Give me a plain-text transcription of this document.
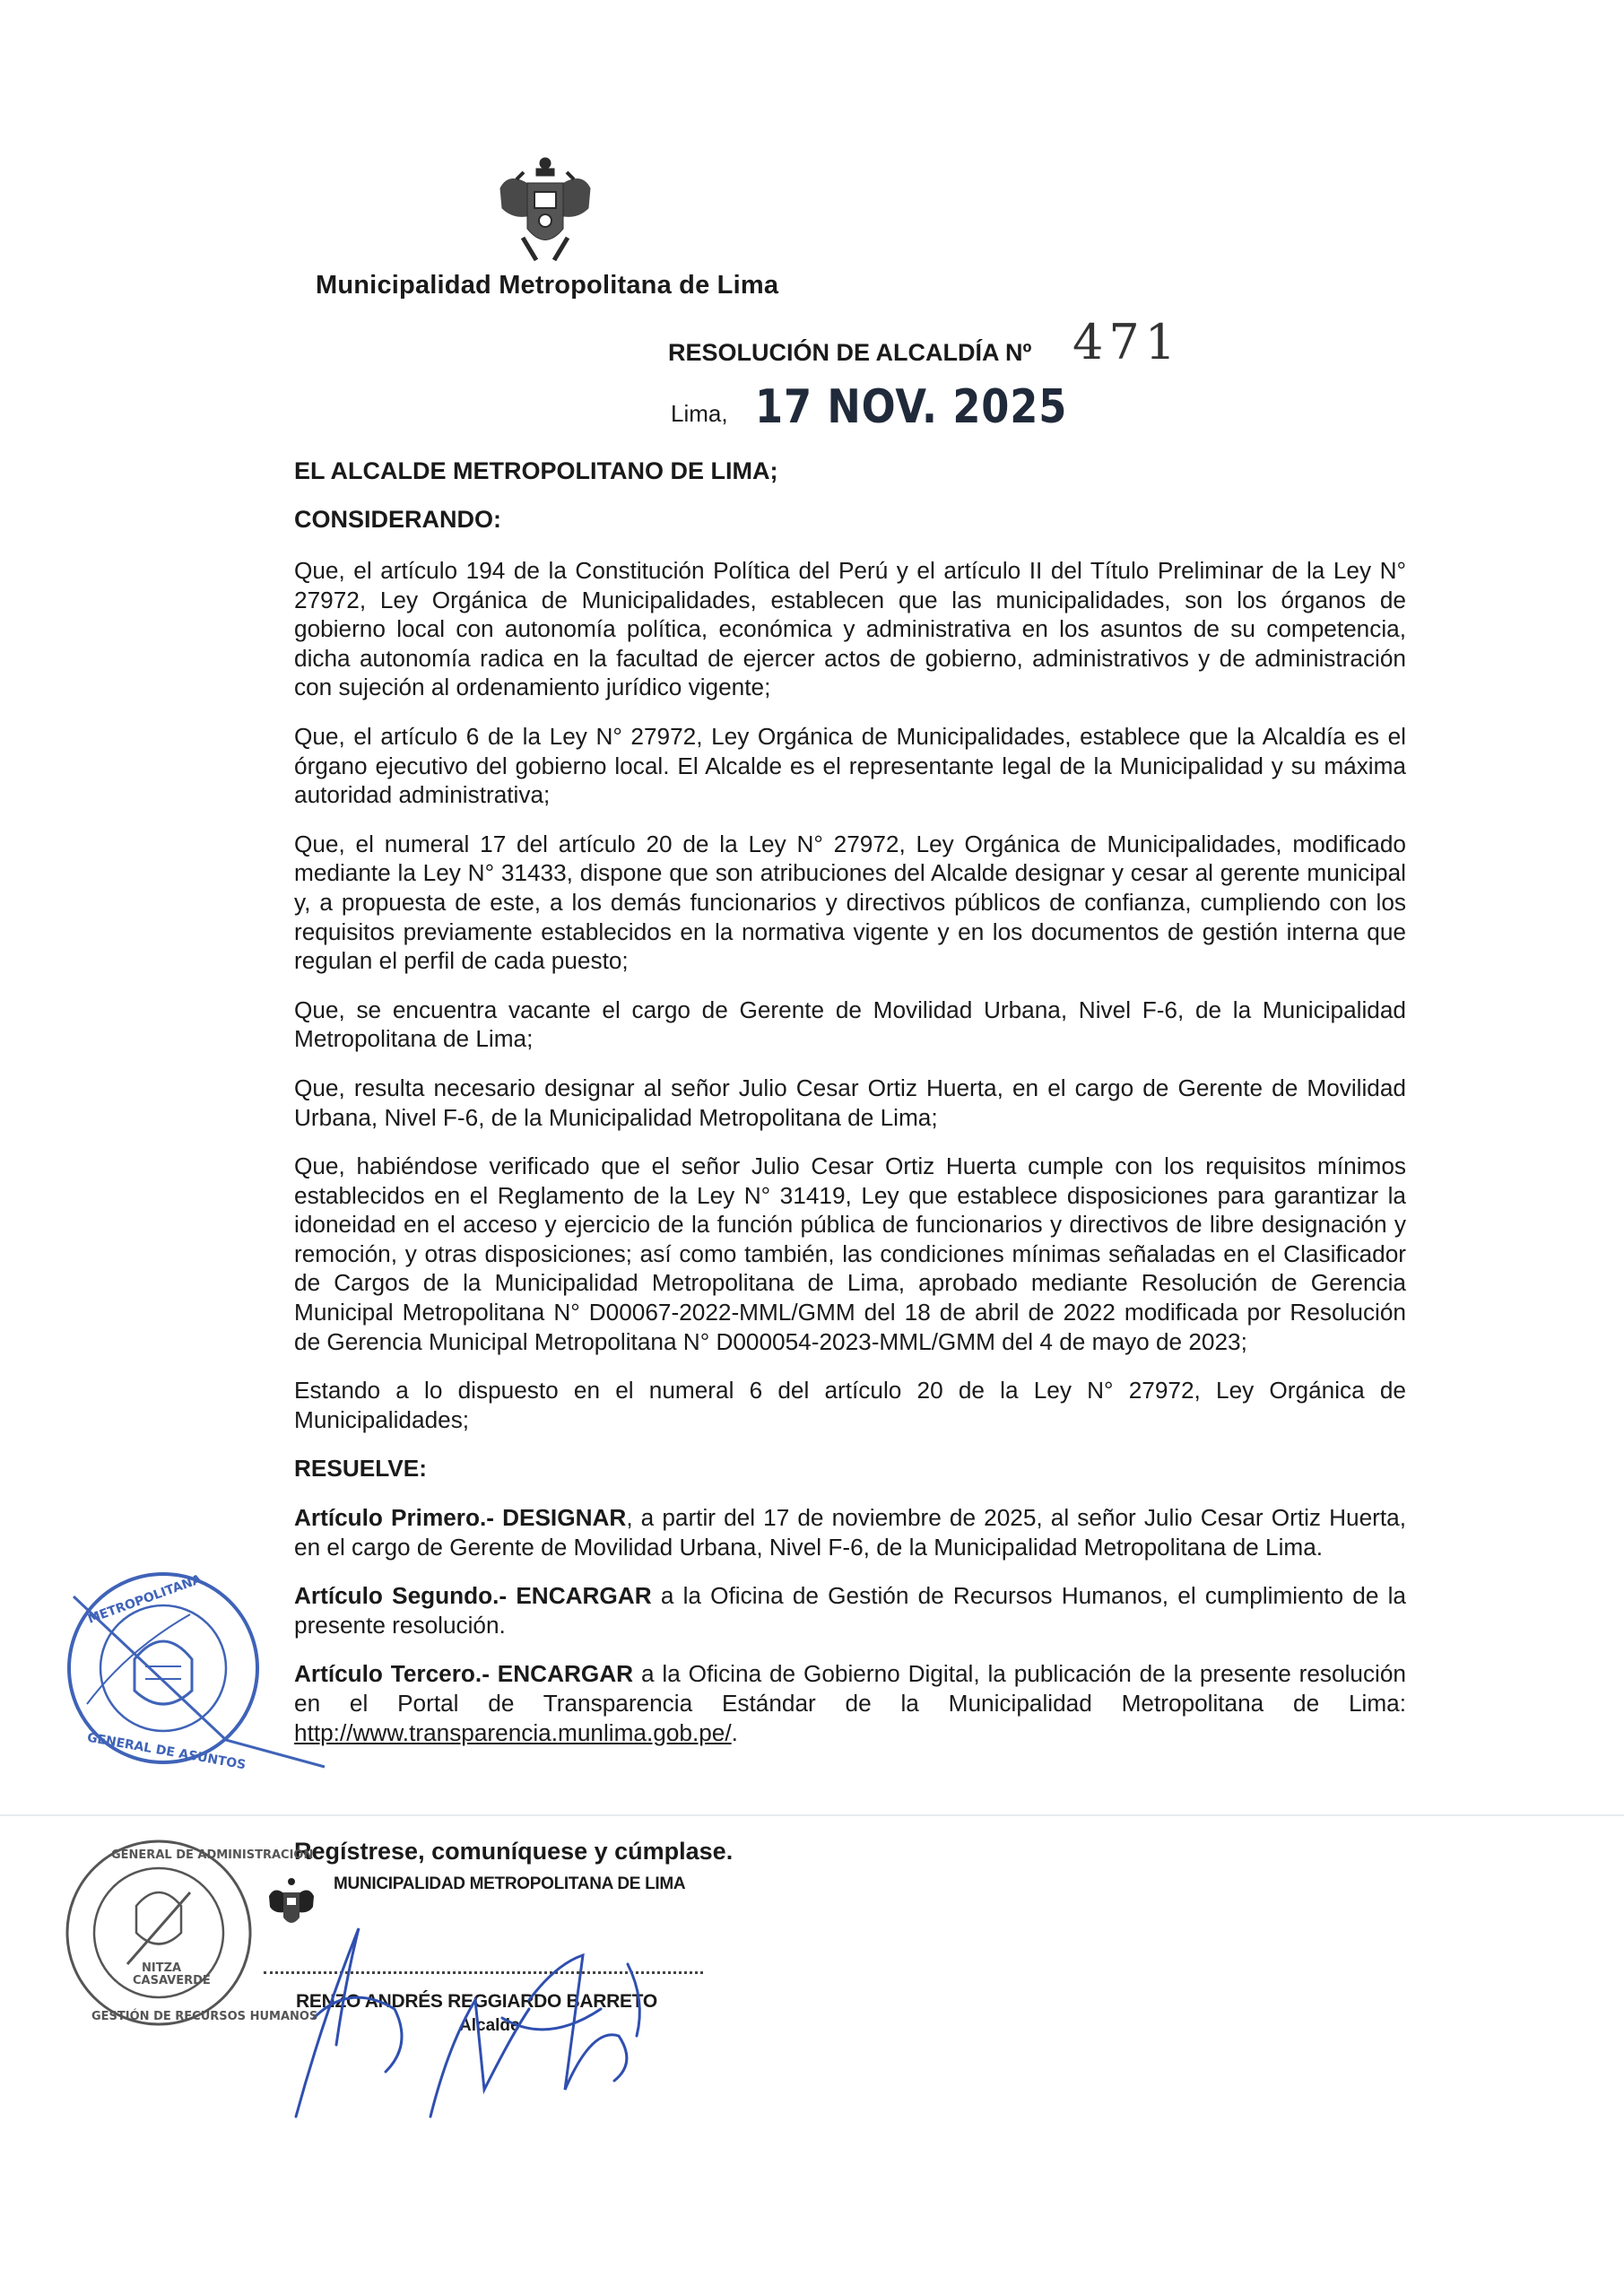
Municipalidad Metropolitana de Lima
RESOLUCIÓN DE ALCALDÍA Nº 471
Lima, 17 NOV. 2025
EL ALCALDE METROPOLITANO DE LIMA;
CONSIDERANDO:

Que, el artículo 194 de la Constitución Política del Perú y el artículo II del Título Preliminar de la Ley N° 27972, Ley Orgánica de Municipalidades, establecen que las municipalidades, son los órganos de gobierno local con autonomía política, económica y administrativa en los asuntos de su competencia, dicha autonomía radica en la facultad de ejercer actos de gobierno, administrativos y de administración con sujeción al ordenamiento jurídico vigente;

Que, el artículo 6 de la Ley N° 27972, Ley Orgánica de Municipalidades, establece que la Alcaldía es el órgano ejecutivo del gobierno local. El Alcalde es el representante legal de la Municipalidad y su máxima autoridad administrativa;

Que, el numeral 17 del artículo 20 de la Ley N° 27972, Ley Orgánica de Municipalidades, modificado mediante la Ley N° 31433, dispone que son atribuciones del Alcalde designar y cesar al gerente municipal y, a propuesta de este, a los demás funcionarios y directivos públicos de confianza, cumpliendo con los requisitos previamente establecidos en la normativa vigente y en los documentos de gestión interna que regulan el perfil de cada puesto;

Que, se encuentra vacante el cargo de Gerente de Movilidad Urbana, Nivel F-6, de la Municipalidad Metropolitana de Lima;

Que, resulta necesario designar al señor Julio Cesar Ortiz Huerta, en el cargo de Gerente de Movilidad Urbana, Nivel F-6, de la Municipalidad Metropolitana de Lima;

Que, habiéndose verificado que el señor Julio Cesar Ortiz Huerta cumple con los requisitos mínimos establecidos en el Reglamento de la Ley N° 31419, Ley que establece disposiciones para garantizar la idoneidad en el acceso y ejercicio de la función pública de funcionarios y directivos de libre designación y remoción, y otras disposiciones; así como también, las condiciones mínimas señaladas en el Clasificador de Cargos de la Municipalidad Metropolitana de Lima, aprobado mediante Resolución de Gerencia Municipal Metropolitana N° D00067-2022-MML/GMM del 18 de abril de 2022 modificada por Resolución de Gerencia Municipal Metropolitana N° D000054-2023-MML/GMM del 4 de mayo de 2023;

Estando a lo dispuesto en el numeral 6 del artículo 20 de la Ley N° 27972, Ley Orgánica de Municipalidades;

RESUELVE:

Artículo Primero.- DESIGNAR, a partir del 17 de noviembre de 2025, al señor Julio Cesar Ortiz Huerta, en el cargo de Gerente de Movilidad Urbana, Nivel F-6, de la Municipalidad Metropolitana de Lima.

Artículo Segundo.- ENCARGAR a la Oficina de Gestión de Recursos Humanos, el cumplimiento de la presente resolución.

Artículo Tercero.- ENCARGAR a la Oficina de Gobierno Digital, la publicación de la presente resolución en el Portal de Transparencia Estándar de la Municipalidad Metropolitana de Lima: http://www.transparencia.munlima.gob.pe/.

Regístrese, comuníquese y cúmplase.
MUNICIPALIDAD METROPOLITANA DE LIMA
RENZO ANDRÉS REGGIARDO BARRETO
Alcalde
METROPOLITANA
GENERAL DE ASUNTOS
GENERAL DE ADMINISTRACIÓN
GESTIÓN DE RECURSOS HUMANOS
NITZA
CASAVERDE
